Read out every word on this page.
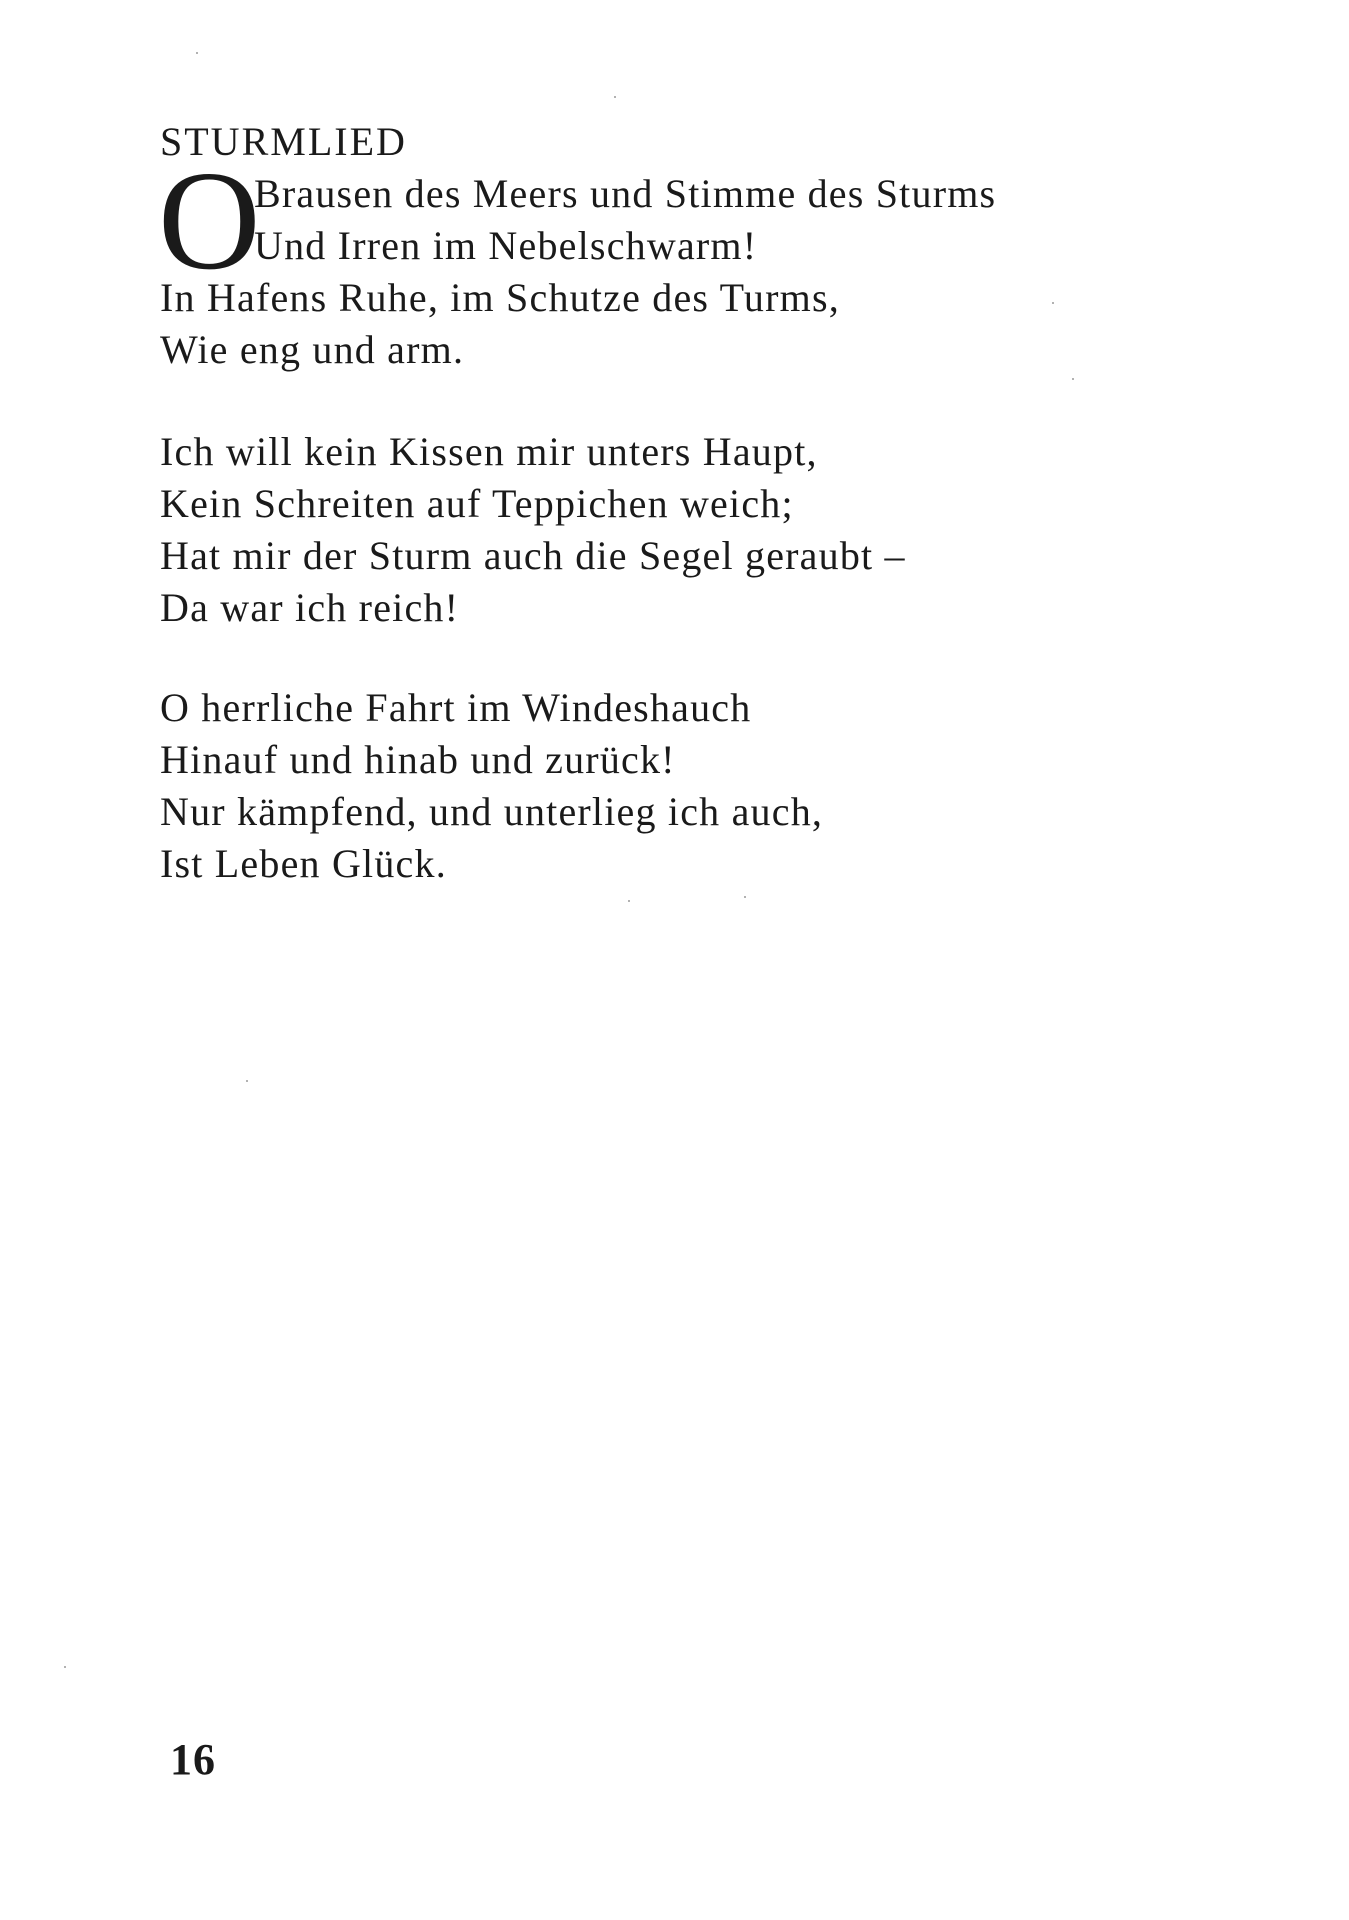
STURMLIED
O
Brausen des Meers und Stimme des Sturms
Und Irren im Nebelschwarm!
In Hafens Ruhe, im Schutze des Turms,
Wie eng und arm.
Ich will kein Kissen mir unters Haupt,
Kein Schreiten auf Teppichen weich;
Hat mir der Sturm auch die Segel geraubt –
Da war ich reich!
O herrliche Fahrt im Windeshauch
Hinauf und hinab und zurück!
Nur kämpfend, und unterlieg ich auch,
Ist Leben Glück.
16
